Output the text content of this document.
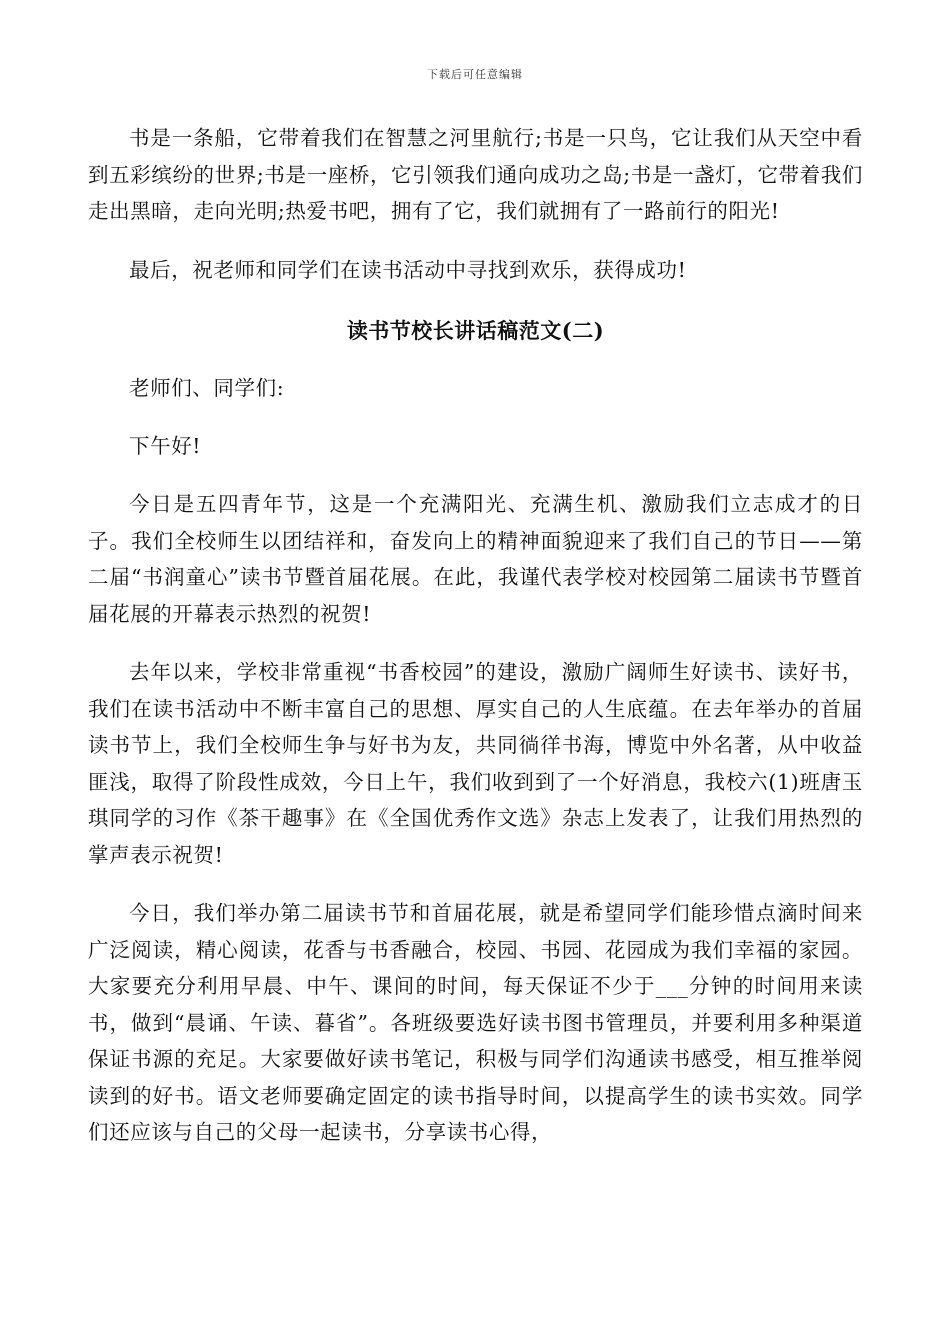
下载后可任意编辑

书是一条船，它带着我们在智慧之河里航行;书是一只鸟，它让我们从天空中看到五彩缤纷的世界;书是一座桥，它引领我们通向成功之岛;书是一盏灯，它带着我们走出黑暗，走向光明;热爱书吧，拥有了它，我们就拥有了一路前行的阳光!

最后，祝老师和同学们在读书活动中寻找到欢乐，获得成功!

读书节校长讲话稿范文(二)

老师们、同学们:

下午好!

今日是五四青年节，这是一个充满阳光、充满生机、激励我们立志成才的日子。我们全校师生以团结祥和，奋发向上的精神面貌迎来了我们自己的节日——第二届“书润童心”读书节暨首届花展。在此，我谨代表学校对校园第二届读书节暨首届花展的开幕表示热烈的祝贺!

去年以来，学校非常重视“书香校园”的建设，激励广阔师生好读书、读好书，我们在读书活动中不断丰富自己的思想、厚实自己的人生底蕴。在去年举办的首届读书节上，我们全校师生争与好书为友，共同徜徉书海，博览中外名著，从中收益匪浅，取得了阶段性成效，今日上午，我们收到到了一个好消息，我校六(1)班唐玉琪同学的习作《茶干趣事》在《全国优秀作文选》杂志上发表了，让我们用热烈的掌声表示祝贺!

今日，我们举办第二届读书节和首届花展，就是希望同学们能珍惜点滴时间来广泛阅读，精心阅读，花香与书香融合，校园、书园、花园成为我们幸福的家园。大家要充分利用早晨、中午、课间的时间，每天保证不少于___分钟的时间用来读书，做到“晨诵、午读、暮省”。各班级要选好读书图书管理员，并要利用多种渠道保证书源的充足。大家要做好读书笔记，积极与同学们沟通读书感受，相互推举阅读到的好书。语文老师要确定固定的读书指导时间，以提高学生的读书实效。同学们还应该与自己的父母一起读书，分享读书心得，
